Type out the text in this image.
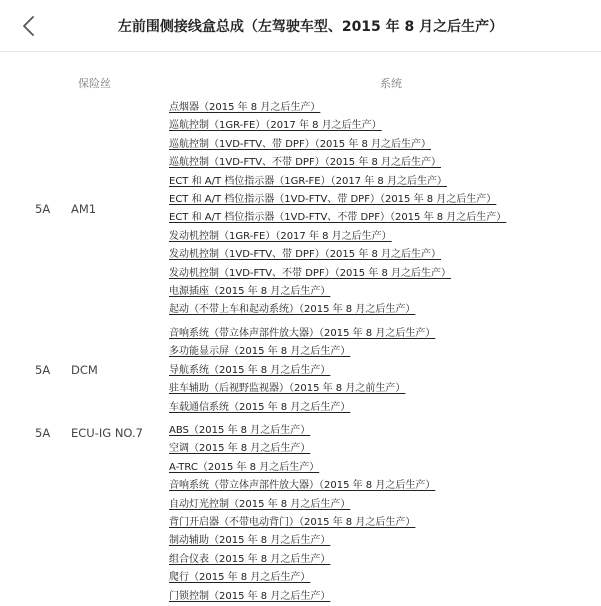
左前围侧接线盒总成（左驾驶车型、2015 年 8 月之后生产）
保险丝	系统
5A AM1
点烟器（2015 年 8 月之后生产）
巡航控制（1GR-FE）（2017 年 8 月之后生产）
巡航控制（1VD-FTV、带 DPF）（2015 年 8 月之后生产）
巡航控制（1VD-FTV、不带 DPF）（2015 年 8 月之后生产）
ECT 和 A/T 档位指示器（1GR-FE）（2017 年 8 月之后生产）
ECT 和 A/T 档位指示器（1VD-FTV、带 DPF）（2015 年 8 月之后生产）
ECT 和 A/T 档位指示器（1VD-FTV、不带 DPF）（2015 年 8 月之后生产）
发动机控制（1GR-FE）（2017 年 8 月之后生产）
发动机控制（1VD-FTV、带 DPF）（2015 年 8 月之后生产）
发动机控制（1VD-FTV、不带 DPF）（2015 年 8 月之后生产）
电源插座（2015 年 8 月之后生产）
起动（不带上车和起动系统）（2015 年 8 月之后生产）
5A DCM
音响系统（带立体声部件放大器）（2015 年 8 月之后生产）
多功能显示屏（2015 年 8 月之后生产）
导航系统（2015 年 8 月之后生产）
驻车辅助（后视野监视器）（2015 年 8 月之前生产）
车载通信系统（2015 年 8 月之后生产）
5A ECU-IG NO.7	ABS（2015 年 8 月之后生产）
空调（2015 年 8 月之后生产）
A-TRC（2015 年 8 月之后生产）
音响系统（带立体声部件放大器）（2015 年 8 月之后生产）
自动灯光控制（2015 年 8 月之后生产）
背门开启器（不带电动背门）（2015 年 8 月之后生产）
制动辅助（2015 年 8 月之后生产）
组合仪表（2015 年 8 月之后生产）
爬行（2015 年 8 月之后生产）
门锁控制（2015 年 8 月之后生产）
